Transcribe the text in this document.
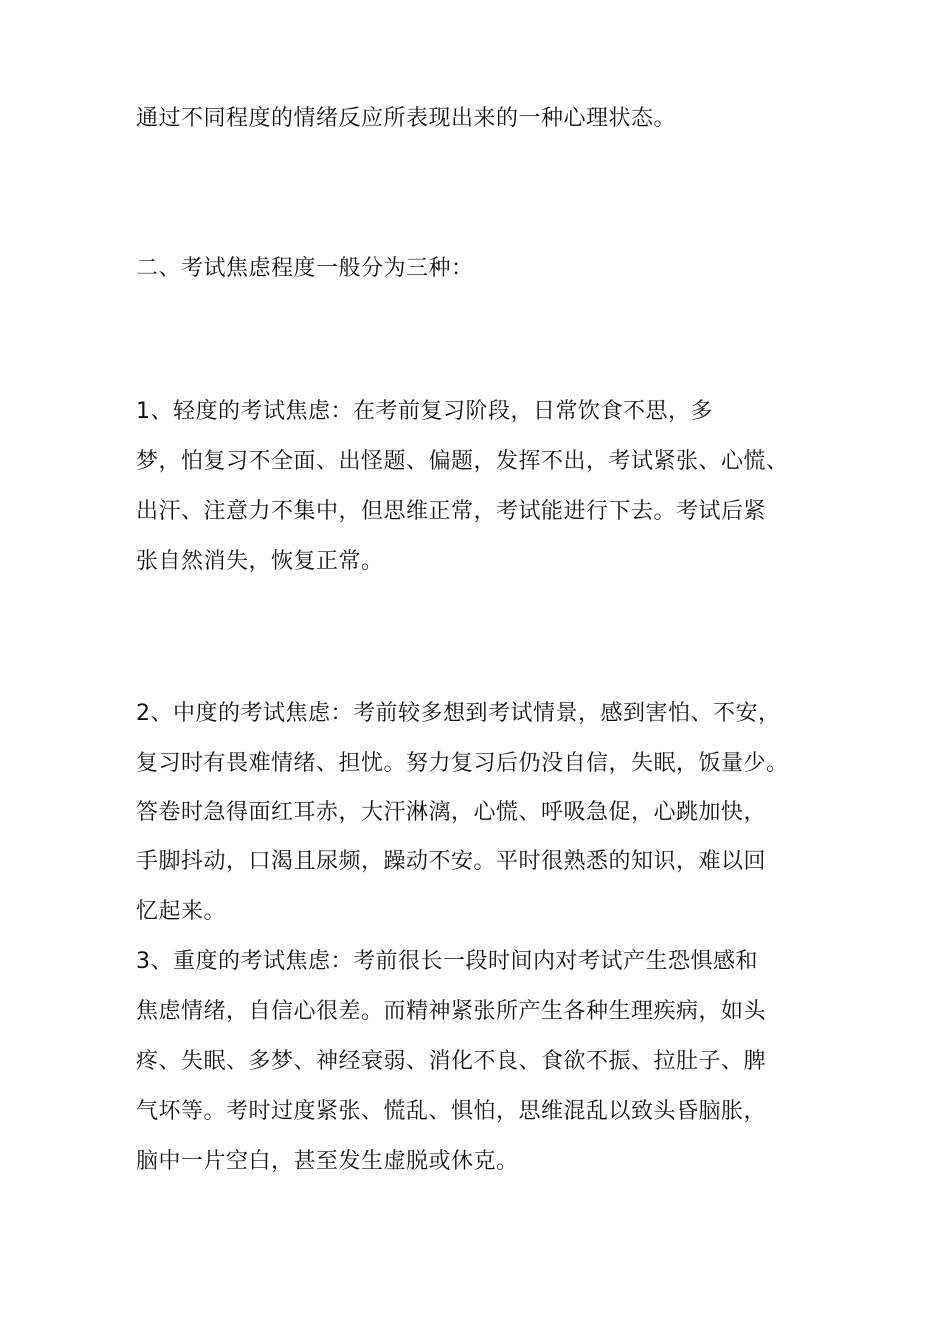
通过不同程度的情绪反应所表现出来的一种心理状态。
二、考试焦虑程度一般分为三种：
1、轻度的考试焦虑：在考前复习阶段，日常饮食不思，多
梦，怕复习不全面、出怪题、偏题，发挥不出，考试紧张、心慌、
出汗、注意力不集中，但思维正常，考试能进行下去。考试后紧
张自然消失，恢复正常。
2、中度的考试焦虑：考前较多想到考试情景，感到害怕、不安，
复习时有畏难情绪、担忧。努力复习后仍没自信，失眠，饭量少。
答卷时急得面红耳赤，大汗淋漓，心慌、呼吸急促，心跳加快，
手脚抖动，口渴且尿频，躁动不安。平时很熟悉的知识，难以回
忆起来。
3、重度的考试焦虑：考前很长一段时间内对考试产生恐惧感和
焦虑情绪，自信心很差。而精神紧张所产生各种生理疾病，如头
疼、失眠、多梦、神经衰弱、消化不良、食欲不振、拉肚子、脾
气坏等。考时过度紧张、慌乱、惧怕，思维混乱以致头昏脑胀，
脑中一片空白，甚至发生虚脱或休克。
